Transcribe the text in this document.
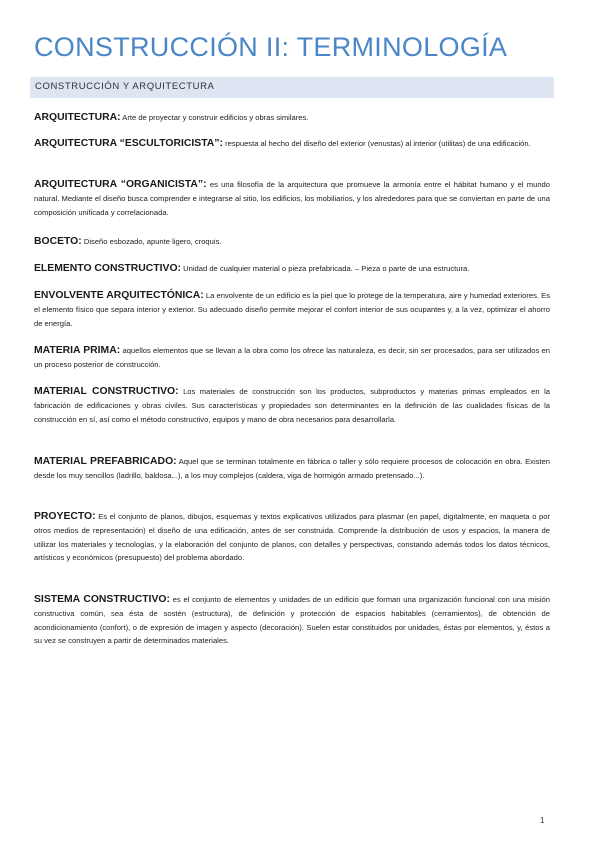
CONSTRUCCIÓN II: TERMINOLOGÍA
CONSTRUCCIÓN Y ARQUITECTURA

ARQUITECTURA: Arte de proyectar y construir edificios y obras similares.

ARQUITECTURA “ESCULTORICISTA”: respuesta al hecho del diseño del exterior (venustas) al interior (utilitas) de una edificación.

ARQUITECTURA “ORGANICISTA”: es una filosofía de la arquitectura que promueve la armonía entre el hábitat humano y el mundo natural. Mediante el diseño busca comprender e integrarse al sitio, los edificios, los mobiliarios, y los alrededores para que se conviertan en parte de una composición unificada y correlacionada.

BOCETO: Diseño esbozado, apunte ligero, croquis.

ELEMENTO CONSTRUCTIVO: Unidad de cualquier material o pieza prefabricada. – Pieza o parte de una estructura.

ENVOLVENTE ARQUITECTÓNICA: La envolvente de un edificio es la piel que lo protege de la temperatura, aire y humedad exteriores. Es el elemento físico que separa interior y exterior. Su adecuado diseño permite mejorar el confort interior de sus ocupantes y, a la vez, optimizar el ahorro de energía.

MATERIA PRIMA: aquellos elementos que se llevan a la obra como los ofrece las naturaleza, es decir, sin ser procesados, para ser utilizados en un proceso posterior de construcción.

MATERIAL CONSTRUCTIVO: Los materiales de construcción son los productos, subproductos y materias primas empleados en la fabricación de edificaciones y obras civiles. Sus características y propiedades son determinantes en la definición de las cualidades físicas de la construcción en sí, así como el método constructivo, equipos y mano de obra necesarios para desarrollarla.

MATERIAL PREFABRICADO: Aquel que se terminan totalmente en fábrica o taller y sólo requiere procesos de colocación en obra. Existen desde los muy sencillos (ladrillo, baldosa...), a los muy complejos (caldera, viga de hormigón armado pretensado...).

PROYECTO: Es el conjunto de planos, dibujos, esquemas y textos explicativos utilizados para plasmar (en papel, digitalmente, en maqueta o por otros medios de representación) el diseño de una edificación, antes de ser construida. Comprende la distribución de usos y espacios, la manera de utilizar los materiales y tecnologías, y la elaboración del conjunto de planos, con detalles y perspectivas, constando además todos los datos técnicos, artísticos y económicos (presupuesto) del problema abordado.

SISTEMA CONSTRUCTIVO: es el conjunto de elementos y unidades de un edificio que forman una organización funcional con una misión constructiva común, sea ésta de sostén (estructura), de definición y protección de espacios habitables (cerramientos), de obtención de acondicionamiento (confort), o de expresión de imagen y aspecto (decoración). Suelen estar constituidos por unidades, éstas por elementos, y, éstos a su vez se construyen a partir de determinados materiales.

1
